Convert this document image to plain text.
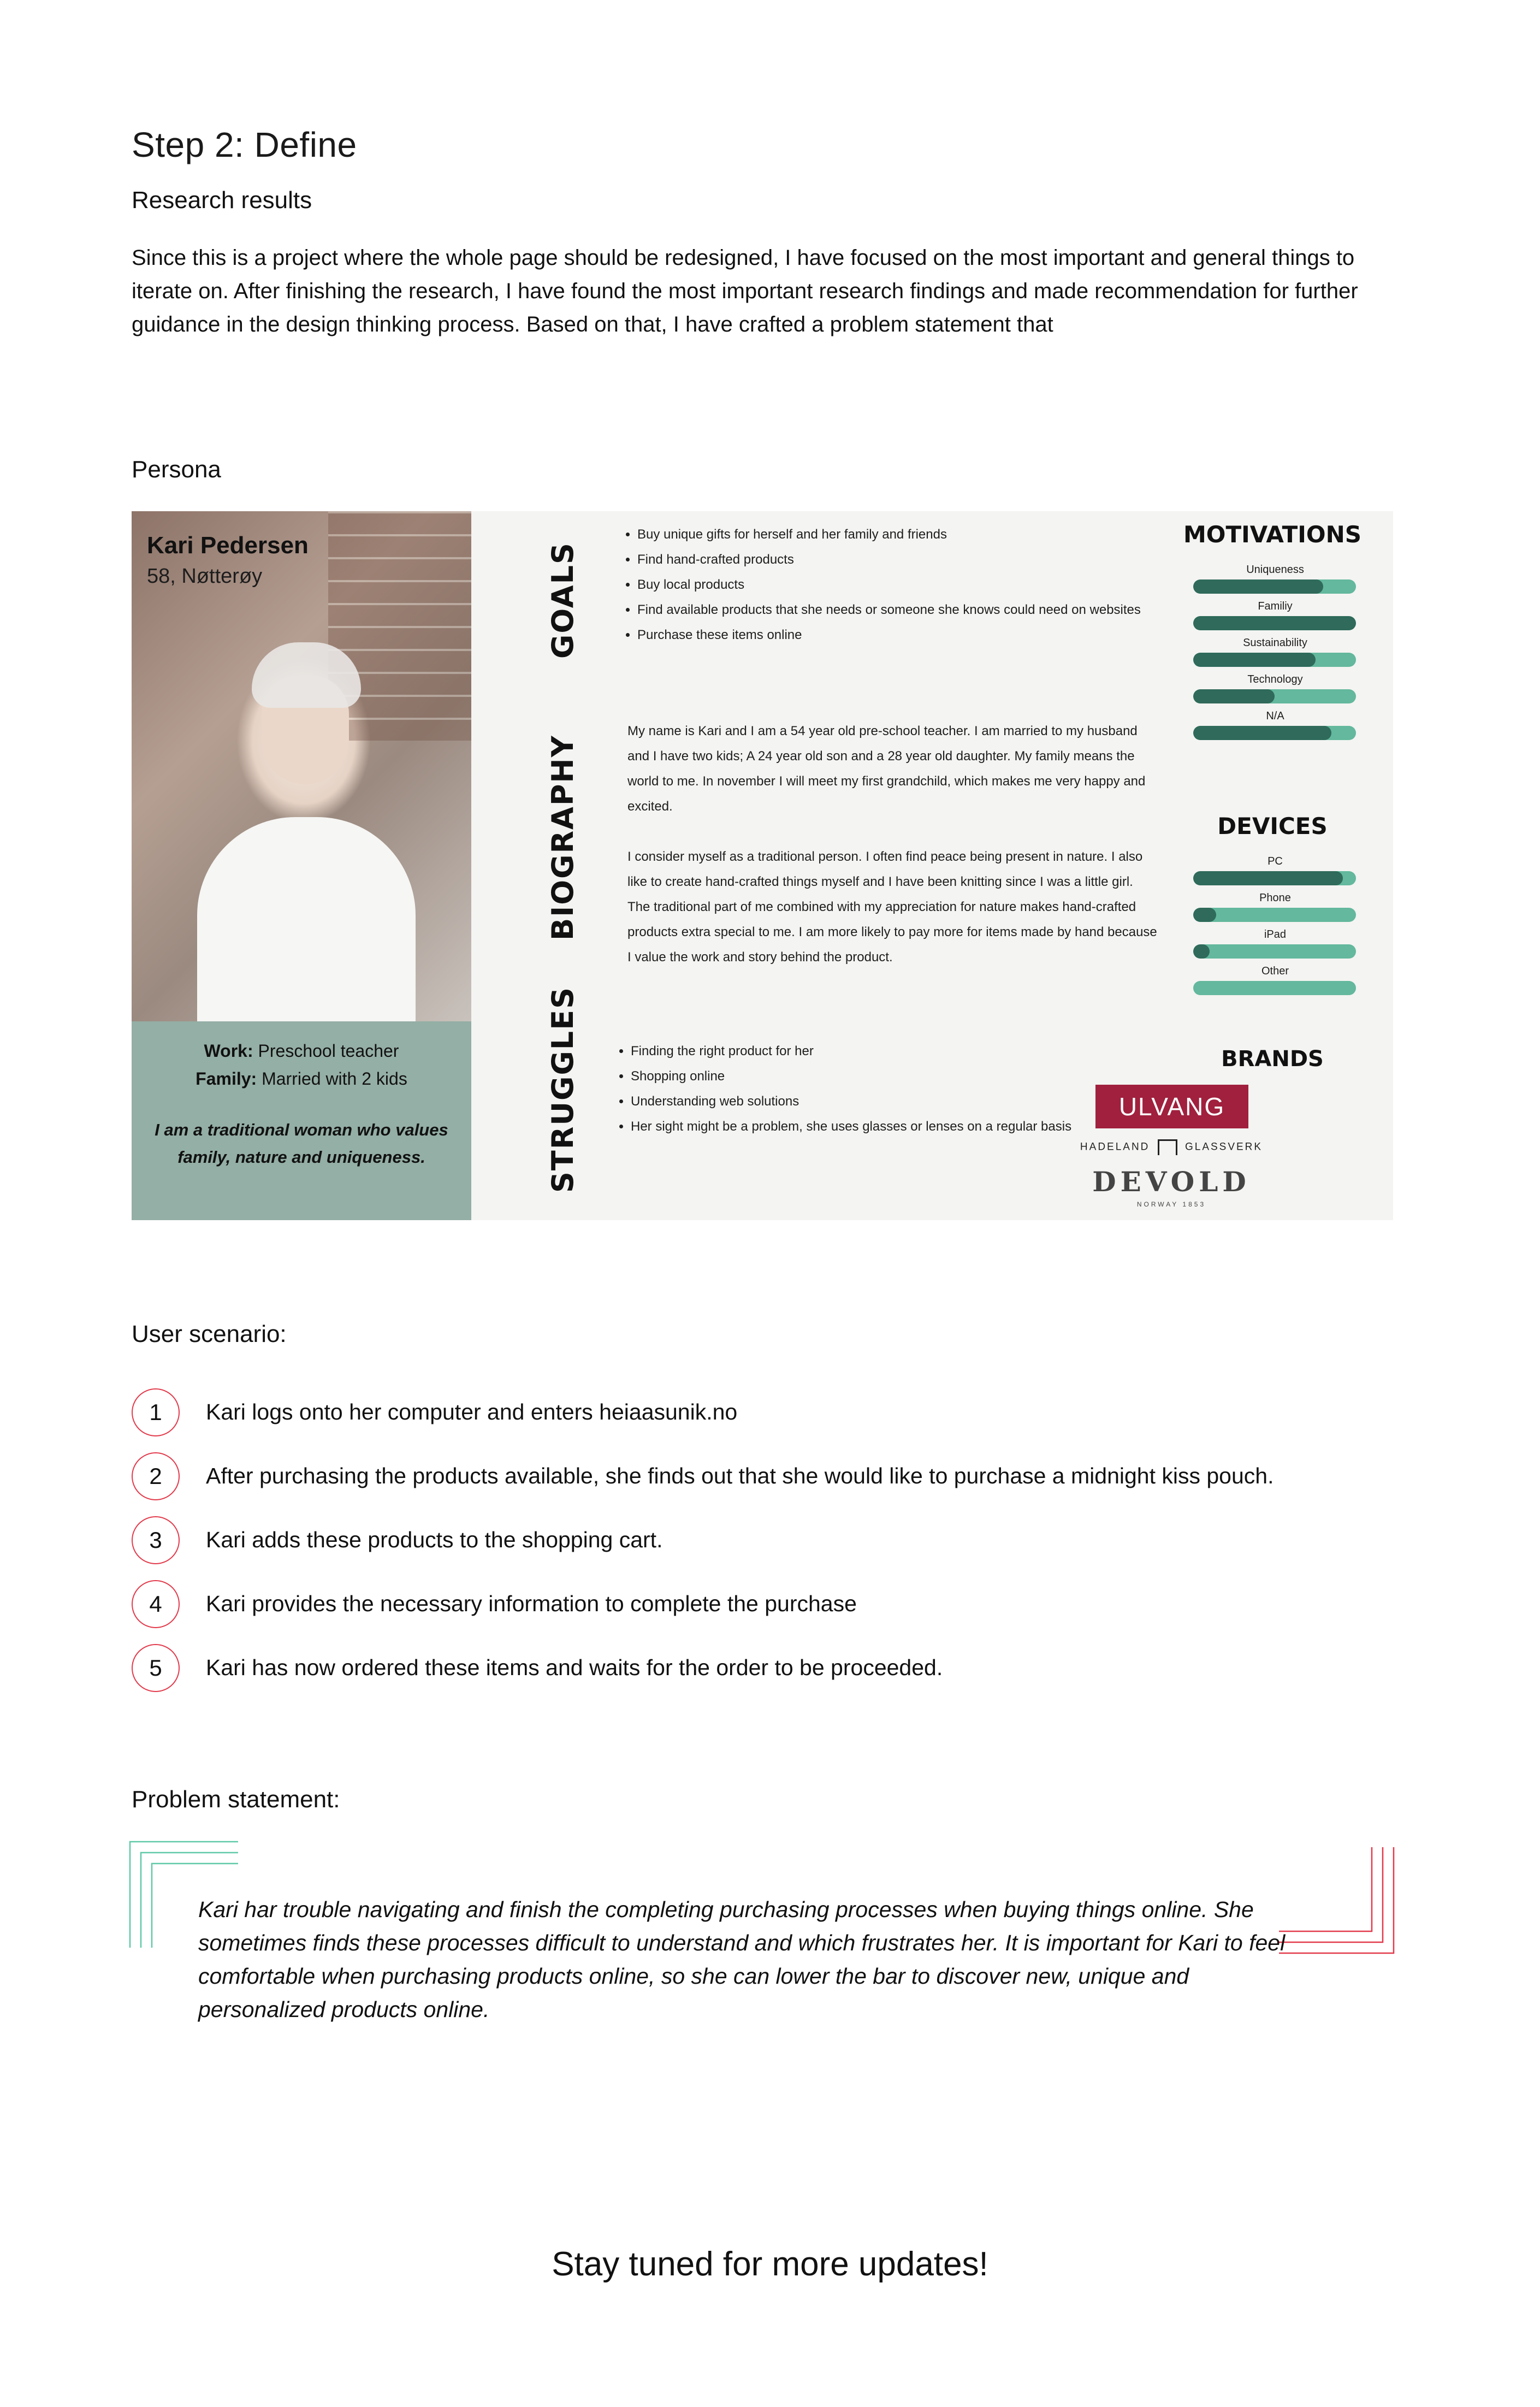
Step 2: Define
Research results
Since this is a project where the whole page should be redesigned, I have focused on the most important and general things to iterate on. After finishing the research, I have found the most important research findings and made recommendation for further guidance in the design thinking process. Based on that, I have crafted a problem statement that
Persona
Kari Pedersen
58, Nøtterøy
Work: Preschool teacher
Family: Married with 2 kids
I am a traditional woman who values family, nature and uniqueness.
GOALS
BIOGRAPHY
STRUGGLES
• Buy unique gifts for herself and her family and friends
• Find hand-crafted products
• Buy local products
• Find available products that she needs or someone she knows could need on websites
• Purchase these items online
My name is Kari and I am a 54 year old pre-school teacher. I am married to my husband and I have two kids; A 24 year old son and a 28 year old daughter. My family means the world to me. In november I will meet my first grandchild, which makes me very happy and excited.
I consider myself as a traditional person. I often find peace being present in nature. I also like to create hand-crafted things myself and I have been knitting since I was a little girl. The traditional part of me combined with my appreciation for nature makes hand-crafted products extra special to me. I am more likely to pay more for items made by hand because I value the work and story behind the product.
• Finding the right product for her
• Shopping online
• Understanding web solutions
• Her sight might be a problem, she uses glasses or lenses on a regular basis
MOTIVATIONS
Uniqueness
Familiy
Sustainability
Technology
N/A
DEVICES
PC
Phone
iPad
Other
BRANDS
ULVANG
HADELAND	GLASSVERK
DEVOLD
NORWAY 1853
User scenario:
1	Kari logs onto her computer and enters heiaasunik.no
2	After purchasing the products available, she finds out that she would like to purchase a midnight kiss pouch.
3	Kari adds these products to the shopping cart.
4	Kari provides the necessary information to complete the purchase
5	Kari has now ordered these items and waits for the order to be proceeded.
Problem statement:
Kari har trouble navigating and finish the completing purchasing processes when buying things online. She sometimes finds these processes difficult to understand and which frustrates her. It is important for Kari to feel comfortable when purchasing products online, so she can lower the bar to discover new, unique and personalized products online.
Stay tuned for more updates!
